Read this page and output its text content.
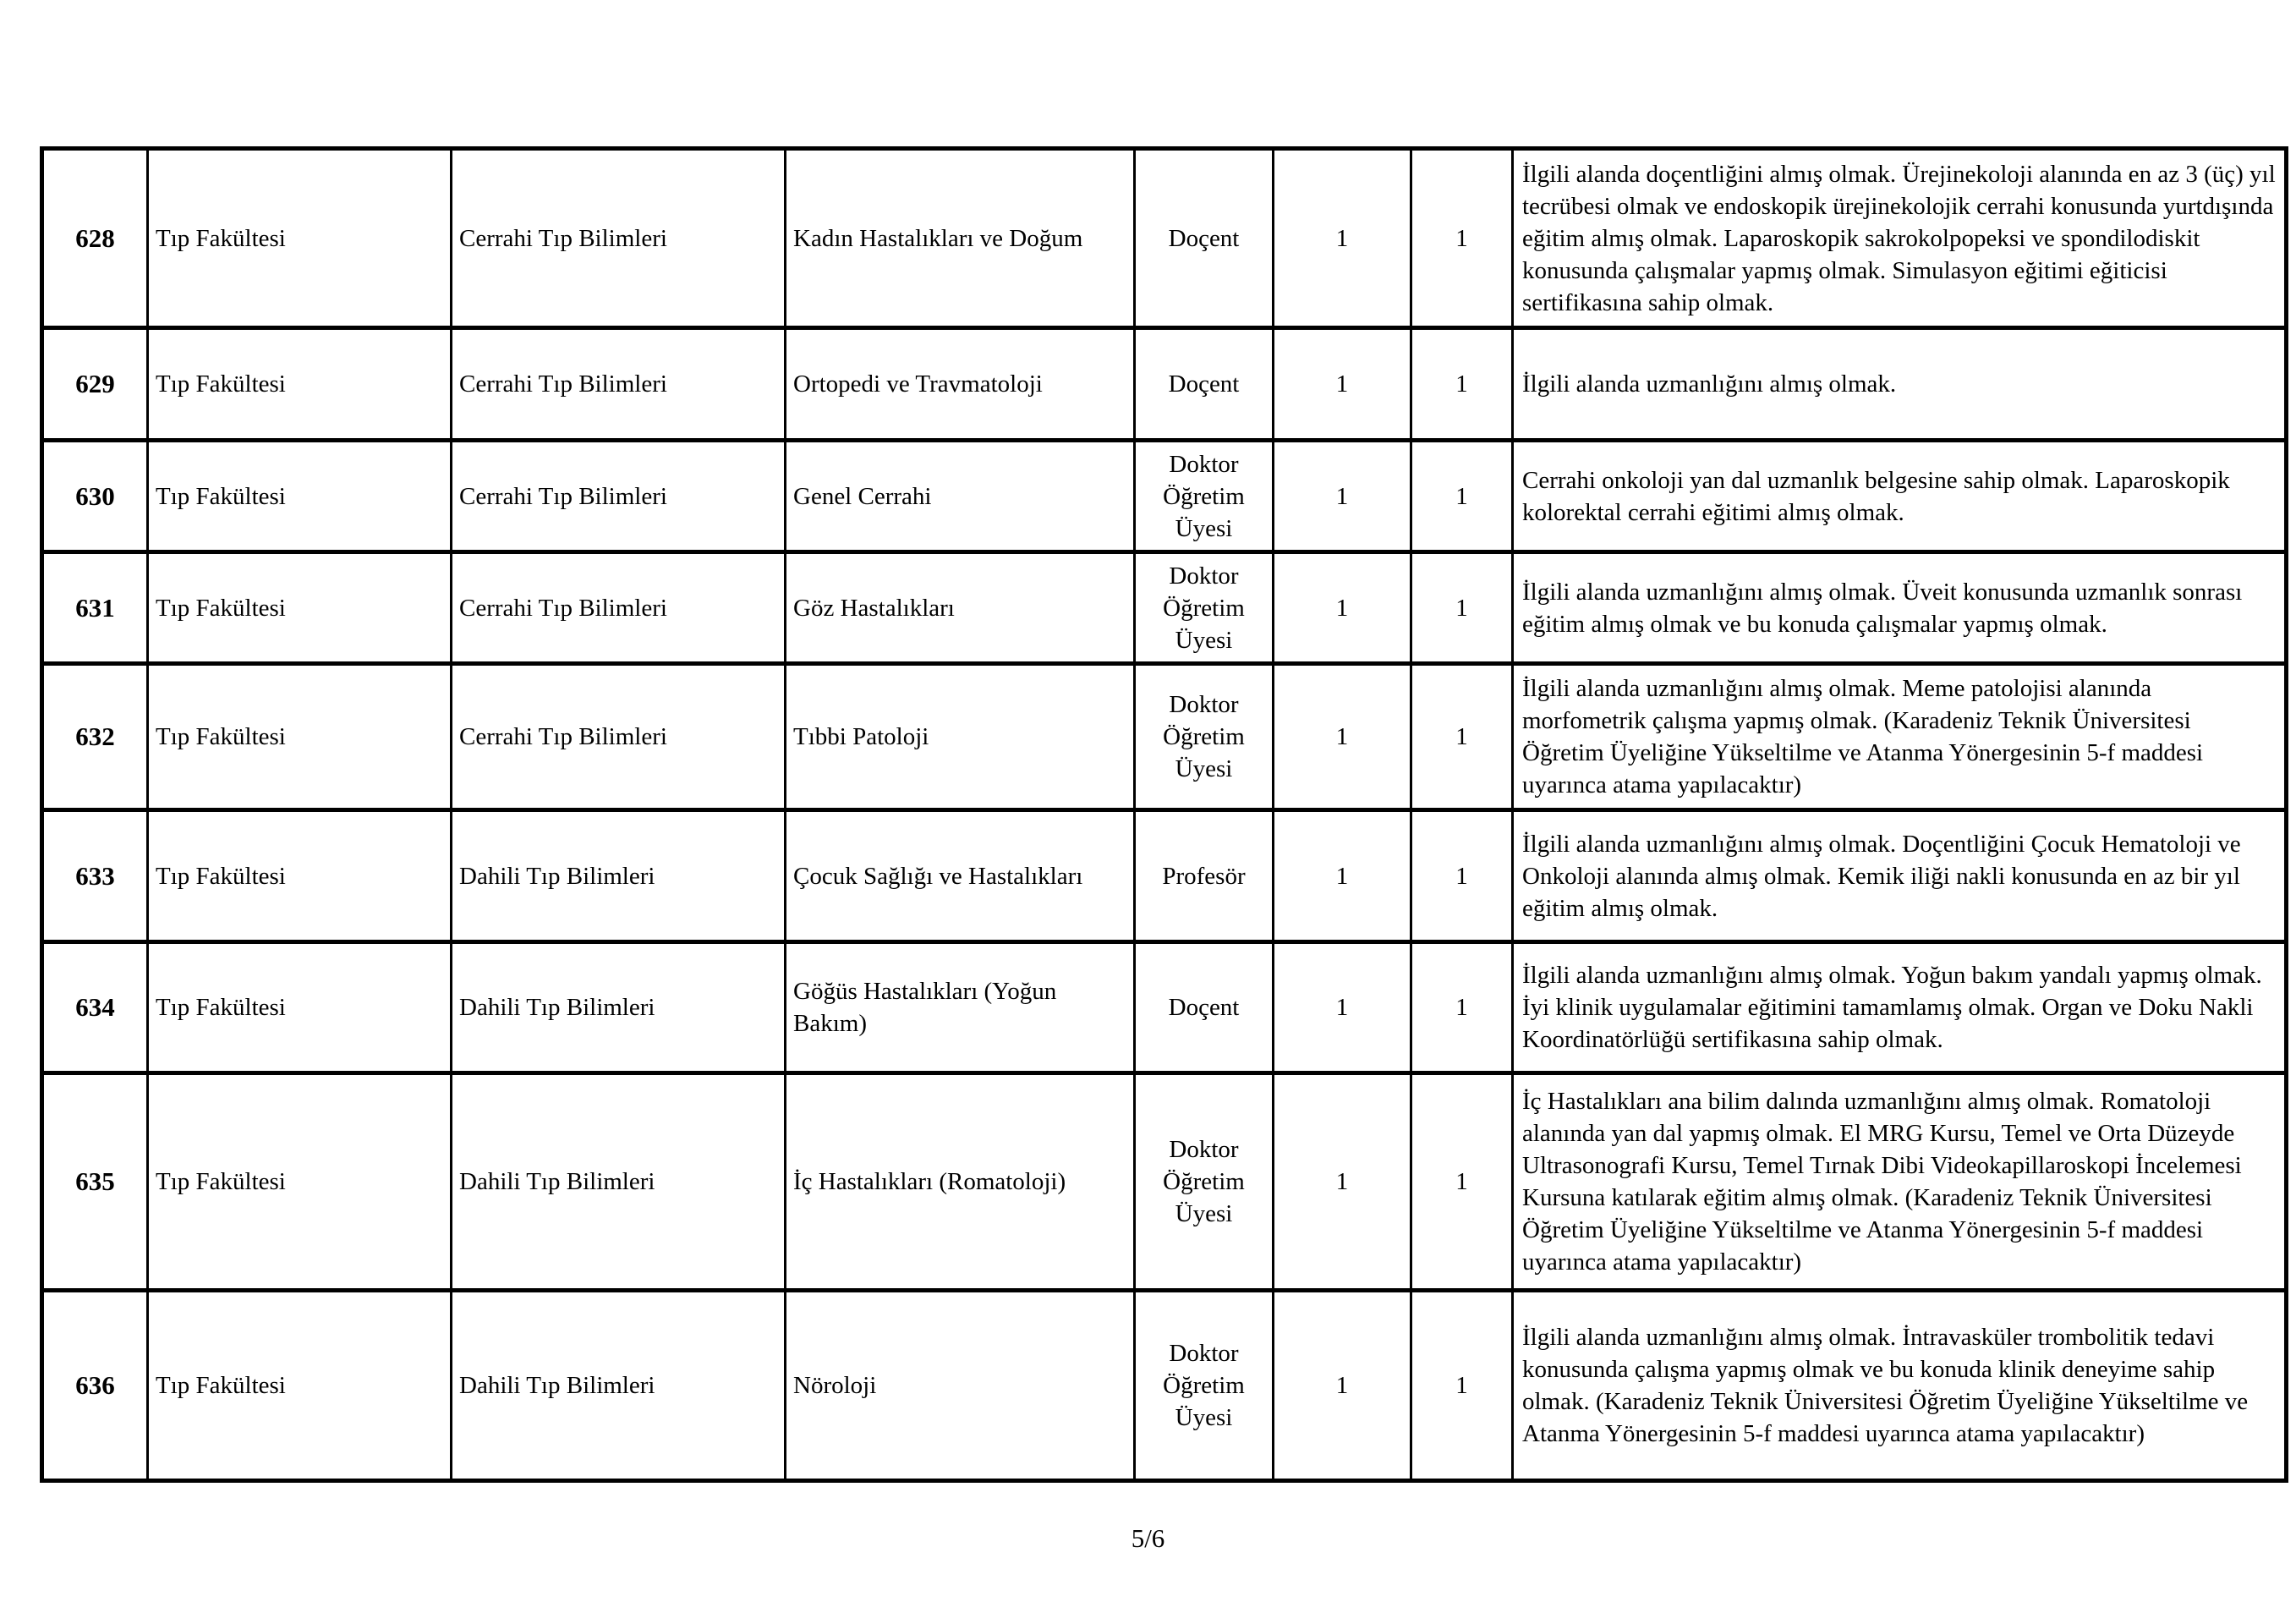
628	Tıp Fakültesi	Cerrahi Tıp Bilimleri	Kadın Hastalıkları ve Doğum	Doçent	1	1	İlgili alanda doçentliğini almış olmak. Ürejinekoloji alanında en az 3 (üç) yıl tecrübesi olmak ve endoskopik ürejinekolojik cerrahi konusunda yurtdışında eğitim almış olmak. Laparoskopik sakrokolpopeksi ve spondilodiskit konusunda çalışmalar yapmış olmak. Simulasyon eğitimi eğiticisi sertifikasına sahip olmak.
629	Tıp Fakültesi	Cerrahi Tıp Bilimleri	Ortopedi ve Travmatoloji	Doçent	1	1	İlgili alanda uzmanlığını almış olmak.
630	Tıp Fakültesi	Cerrahi Tıp Bilimleri	Genel Cerrahi	Doktor Öğretim Üyesi	1	1	Cerrahi onkoloji yan dal uzmanlık belgesine sahip olmak. Laparoskopik kolorektal cerrahi eğitimi almış olmak.
631	Tıp Fakültesi	Cerrahi Tıp Bilimleri	Göz Hastalıkları	Doktor Öğretim Üyesi	1	1	İlgili alanda uzmanlığını almış olmak. Üveit konusunda uzmanlık sonrası eğitim almış olmak ve bu konuda çalışmalar yapmış olmak.
632	Tıp Fakültesi	Cerrahi Tıp Bilimleri	Tıbbi Patoloji	Doktor Öğretim Üyesi	1	1	İlgili alanda uzmanlığını almış olmak. Meme patolojisi alanında morfometrik çalışma yapmış olmak. (Karadeniz Teknik Üniversitesi Öğretim Üyeliğine Yükseltilme ve Atanma Yönergesinin 5-f maddesi uyarınca atama yapılacaktır)
633	Tıp Fakültesi	Dahili Tıp Bilimleri	Çocuk Sağlığı ve Hastalıkları	Profesör	1	1	İlgili alanda uzmanlığını almış olmak. Doçentliğini Çocuk Hematoloji ve Onkoloji alanında almış olmak. Kemik iliği nakli konusunda en az bir yıl eğitim almış olmak.
634	Tıp Fakültesi	Dahili Tıp Bilimleri	Göğüs Hastalıkları (Yoğun Bakım)	Doçent	1	1	İlgili alanda uzmanlığını almış olmak. Yoğun bakım yandalı yapmış olmak. İyi klinik uygulamalar eğitimini tamamlamış olmak. Organ ve Doku Nakli Koordinatörlüğü sertifikasına sahip olmak.
635	Tıp Fakültesi	Dahili Tıp Bilimleri	İç Hastalıkları (Romatoloji)	Doktor Öğretim Üyesi	1	1	İç Hastalıkları ana bilim dalında uzmanlığını almış olmak. Romatoloji alanında yan dal yapmış olmak. El MRG Kursu, Temel ve Orta Düzeyde Ultrasonografi Kursu, Temel Tırnak Dibi Videokapillaroskopi İncelemesi Kursuna katılarak eğitim almış olmak. (Karadeniz Teknik Üniversitesi Öğretim Üyeliğine Yükseltilme ve Atanma Yönergesinin 5-f maddesi uyarınca atama yapılacaktır)
636	Tıp Fakültesi	Dahili Tıp Bilimleri	Nöroloji	Doktor Öğretim Üyesi	1	1	İlgili alanda uzmanlığını almış olmak. İntravasküler trombolitik tedavi konusunda çalışma yapmış olmak ve bu konuda klinik deneyime sahip olmak. (Karadeniz Teknik Üniversitesi Öğretim Üyeliğine Yükseltilme ve Atanma Yönergesinin 5-f maddesi uyarınca atama yapılacaktır)
5/6
